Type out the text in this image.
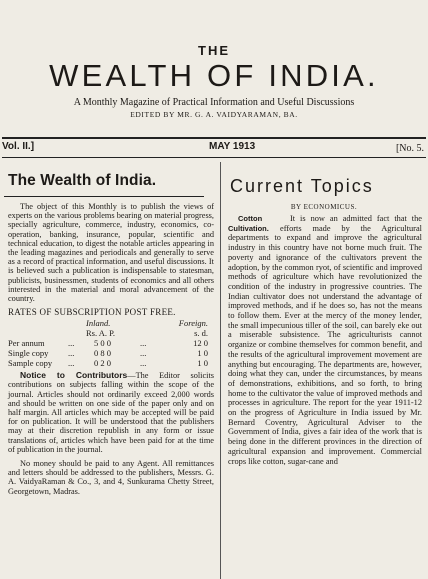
THE
WEALTH OF INDIA.
A Monthly Magazine of Practical Information and Useful Discussions
EDITED BY MR. G. A. VAIDYARAMAN, BA.
Vol. II.]	MAY 1913	[No. 5.
The Wealth of India.

The object of this Monthly is to publish the views of experts on the various problems bearing on material progress, specially agriculture, commerce, industry, economics, co-operation, banking, insurance, popular, scientific and technical education, to digest the notable articles appearing in the leading magazines and periodicals and generally to serve as a record of practical information, and useful discussions. It is believed such a publication is indispensable to statesman, publicists, businessmen, students of economics and all others interested in the material and moral advancement of the country.

RATES OF SUBSCRIPTION POST FREE.
		Inland.		Foreign.
		Rs. A. P.		s. d.
Per annum	...	5 0 0	...	12 0
Single copy	...	0 8 0	...	1 0
Sample copy	...	0 2 0	...	1 0

Notice to Contributors—The Editor solicits contributions on subjects falling within the scope of the journal. Articles should not ordinarily exceed 2,000 words and should be written on one side of the paper only and on half margin. All articles which may be accepted will be paid for on publication. It will be understood that the publishers may at their discretion republish in any form or issue translations of, articles which have been paid for at the time of publication in the journal.

No money should be paid to any Agent. All remittances and letters should be addressed to the publishers, Messrs. G. A. VaidyaRaman & Co., 3, and 4, Sunkurama Chetty Street, Georgetown, Madras.

Current Topics
BY ECONOMICUS.

Cotton Cultivation.
It is now an admitted fact that the efforts made by the Agricultural departments to expand and improve the agricultural industry in this country have not borne much fruit. The poverty and ignorance of the cultivators prevent the adoption, by the common ryot, of scientific and improved methods of agriculture which have revolutionized the condition of the industry in progressive countries. The Indian cultivator does not understand the advantage of improved methods, and if he does so, has not the means to follow them. Ever at the mercy of the money lender, the small impecunious tiller of the soil, can barely eke out a miserable subsistence. The agriculturists cannot organize or combine themselves for common benefit, and the results of the agricultural improvement movement are anything but encouraging. The departments are, however, doing what they can, under the circumstances, by means of demonstrations, exhibitions, and so forth, to bring home to the cultivator the value of improved methods and processes in agriculture. The report for the year 1911-12 on the progress of Agriculture in India issued by Mr. Bernard Coventry, Agricultural Adviser to the Government of India, gives a fair idea of the work that is being done in the different provinces in the direction of agricultural expansion and improvement. Commercial crops like cotton, sugar-cane and
